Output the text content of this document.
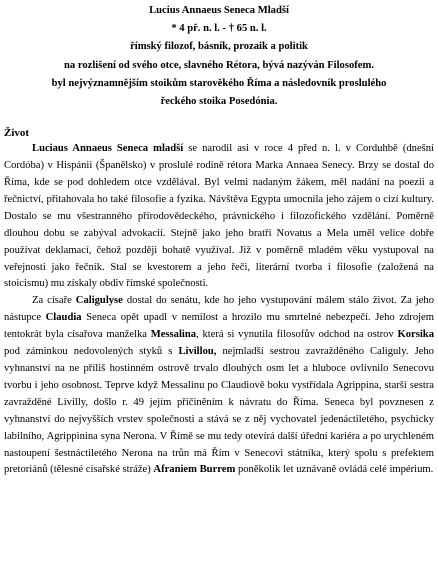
Lucius Annaeus Seneca Mladší
* 4 př. n. l. - † 65 n. l.
římský filozof, básník, prozaik a politik
na rozlišení od svého otce, slavného Rétora, bývá nazýván Filosofem.
byl nejvýznamnějším stoikům starověkého Říma a následovník proslulého
řeckého stoika Posedónia.
Život

Luciaus Annaeus Seneca mladší se narodil asi v roce 4 před n. l. v Corduhbě (dnešní Cordóba) v Hispánii (Španělsko) v proslulé rodině rétora Marka Annaea Senecy. Brzy se dostal do Říma, kde se pod dohledem otce vzdělával. Byl velmi nadaným žákem, měl nadání na poezii a řečnictví, přitahovala ho také filosofie a fyzika. Návštěva Egypta umocnila jeho zájem o cizí kultury. Dostalo se mu všestranného přírodovědeckého, právnického i filozofického vzdělání. Poměrně dlouhou dobu se zabýval advokacií. Stejně jako jeho bratři Novatus a Mela uměl velice dobře používat deklamací, čehož později bohatě využíval. Již v poměrně mladém věku vystupoval na veřejnosti jako řečník. Stal se kvestorem a jeho řeči, literární tvorba i filosofie (založená na stoicismu) mu získaly obdiv římské společnosti.

Za císaře Caligulyse dostal do senátu, kde ho jeho vystupování málem stálo život. Za jeho nástupce Claudia Seneca opět upadl v nemilost a hrozilo mu smrtelné nebezpečí. Jeho zdrojem tentokrát byla císařova manželka Messalina, která si vynutila filosofův odchod na ostrov Korsika pod záminkou nedovolených styků s Livillou, nejmladší sestrou zavražděného Caliguly. Jeho vyhnanství na ne příliš hostinném ostrově trvalo dlouhých osm let a hluboce ovlivnilo Senecovu tvorbu i jeho osobnost. Teprve když Messalinu po Claudiově boku vystřídala Agrippina, starší sestra zavražděné Livilly, došlo r. 49 jejím přičiněním k návratu do Říma. Seneca byl povznesen z vyhnanství do nejvyšších vrstev společnosti a stává se z něj vychovatel jedenáctiletého, psychicky labilního, Agrippinina syna Nerona. V Římě se mu tedy otevírá další úřední kariéra a po urychleném nastoupení šestnáctiletého Nerona na trůn má Řím v Senecovi státníka, který spolu s prefektem pretoriánů (tělesné císařské stráže) Afraniem Burrem poněkolik let uznávaně ovládá celé impérium.
